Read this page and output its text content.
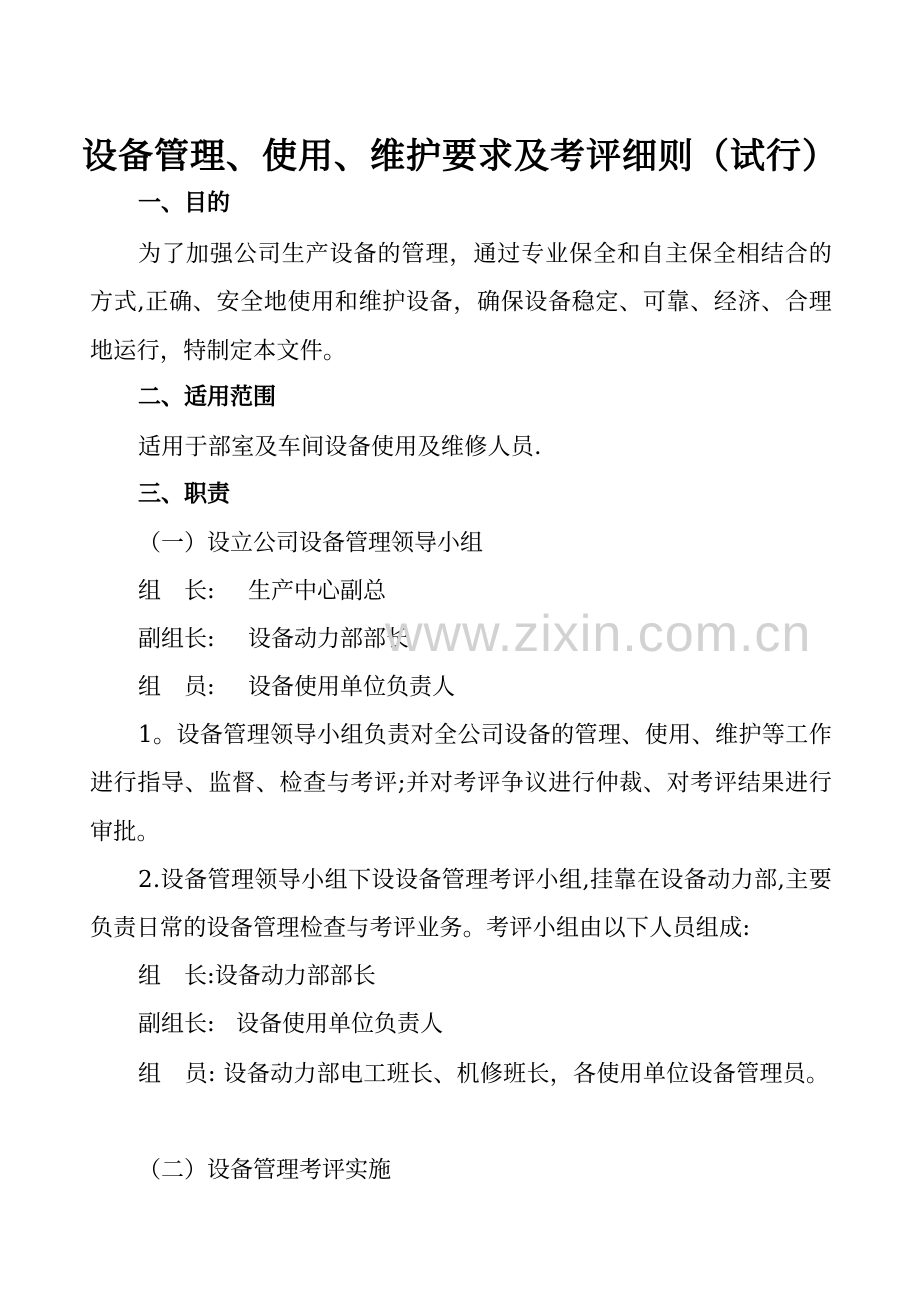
设备管理、使用、维护要求及考评细则（试行）
一、目的
为了加强公司生产设备的管理，通过专业保全和自主保全相结合的方式,正确、安全地使用和维护设备，确保设备稳定、可靠、经济、合理地运行，特制定本文件。
二、适用范围
适用于部室及车间设备使用及维修人员.
三、职责
（一）设立公司设备管理领导小组
组　长: 生产中心副总
副组长: 设备动力部部长
组　员: 设备使用单位负责人
1。设备管理领导小组负责对全公司设备的管理、使用、维护等工作进行指导、监督、检查与考评;并对考评争议进行仲裁、对考评结果进行审批。
2.设备管理领导小组下设设备管理考评小组,挂靠在设备动力部,主要负责日常的设备管理检查与考评业务。考评小组由以下人员组成:
组　长:设备动力部部长
副组长: 设备使用单位负责人
组　员: 设备动力部电工班长、机修班长，各使用单位设备管理员。
（二）设备管理考评实施
www.zixin.com.cn
